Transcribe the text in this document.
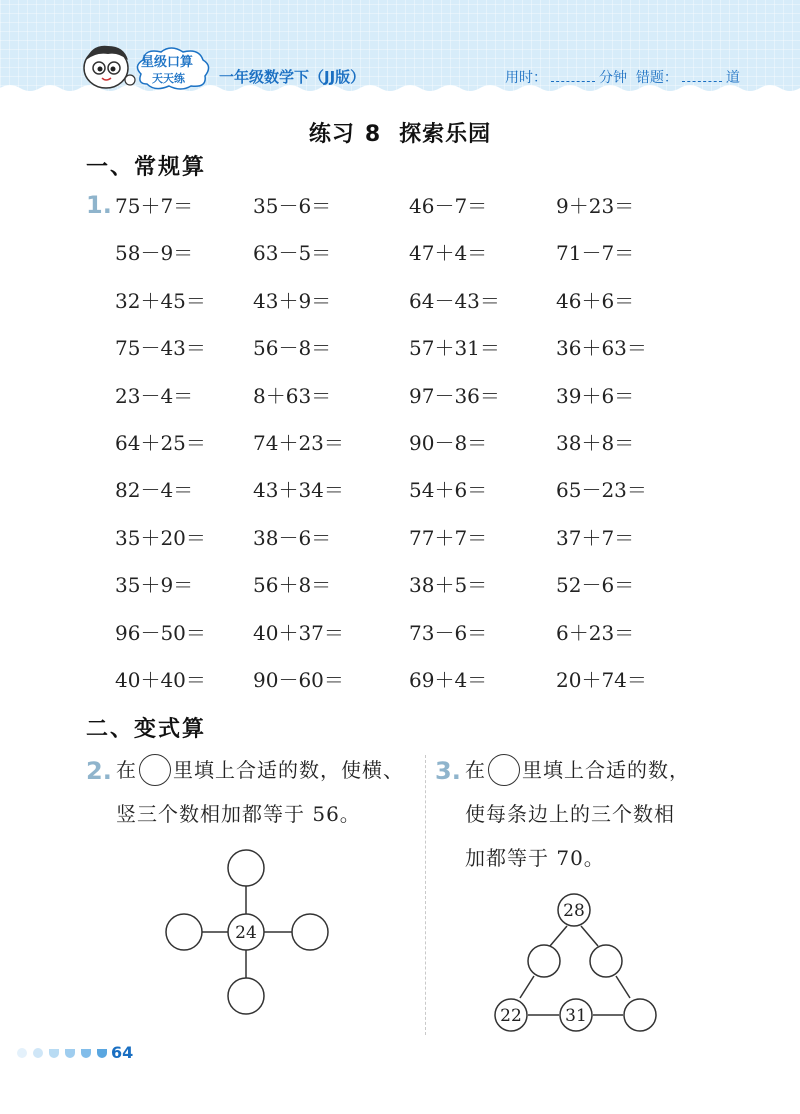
星级口算
天天练 一年级数学下（JJ版）	用时：	分钟 错题：	道
练习 8 探索乐园
一、常规算
1. 75＋7＝	35－6＝	46－7＝	9＋23＝
58－9＝	63－5＝	47＋4＝	71－7＝
32＋45＝ 43＋9＝	64－43＝	46＋6＝
75－43＝ 56－8＝	57＋31＝	36＋63＝
23－4＝	8＋63＝	97－36＝	39＋6＝
64＋25＝ 74＋23＝	90－8＝	38＋8＝
82－4＝	43＋34＝	54＋6＝	65－23＝
35＋20＝ 38－6＝	77＋7＝	37＋7＝
35＋9＝	56＋8＝	38＋5＝	52－6＝
96－50＝ 40＋37＝	73－6＝	6＋23＝
40＋40＝ 90－60＝	69＋4＝	20＋74＝
二、变式算
2. 在 里填上合适的数，使横、
竖三个数相加都等于 56。
24
3. 在 里填上合适的数，
使每条边上的三个数相
加都等于 70。
28
22	31
64
